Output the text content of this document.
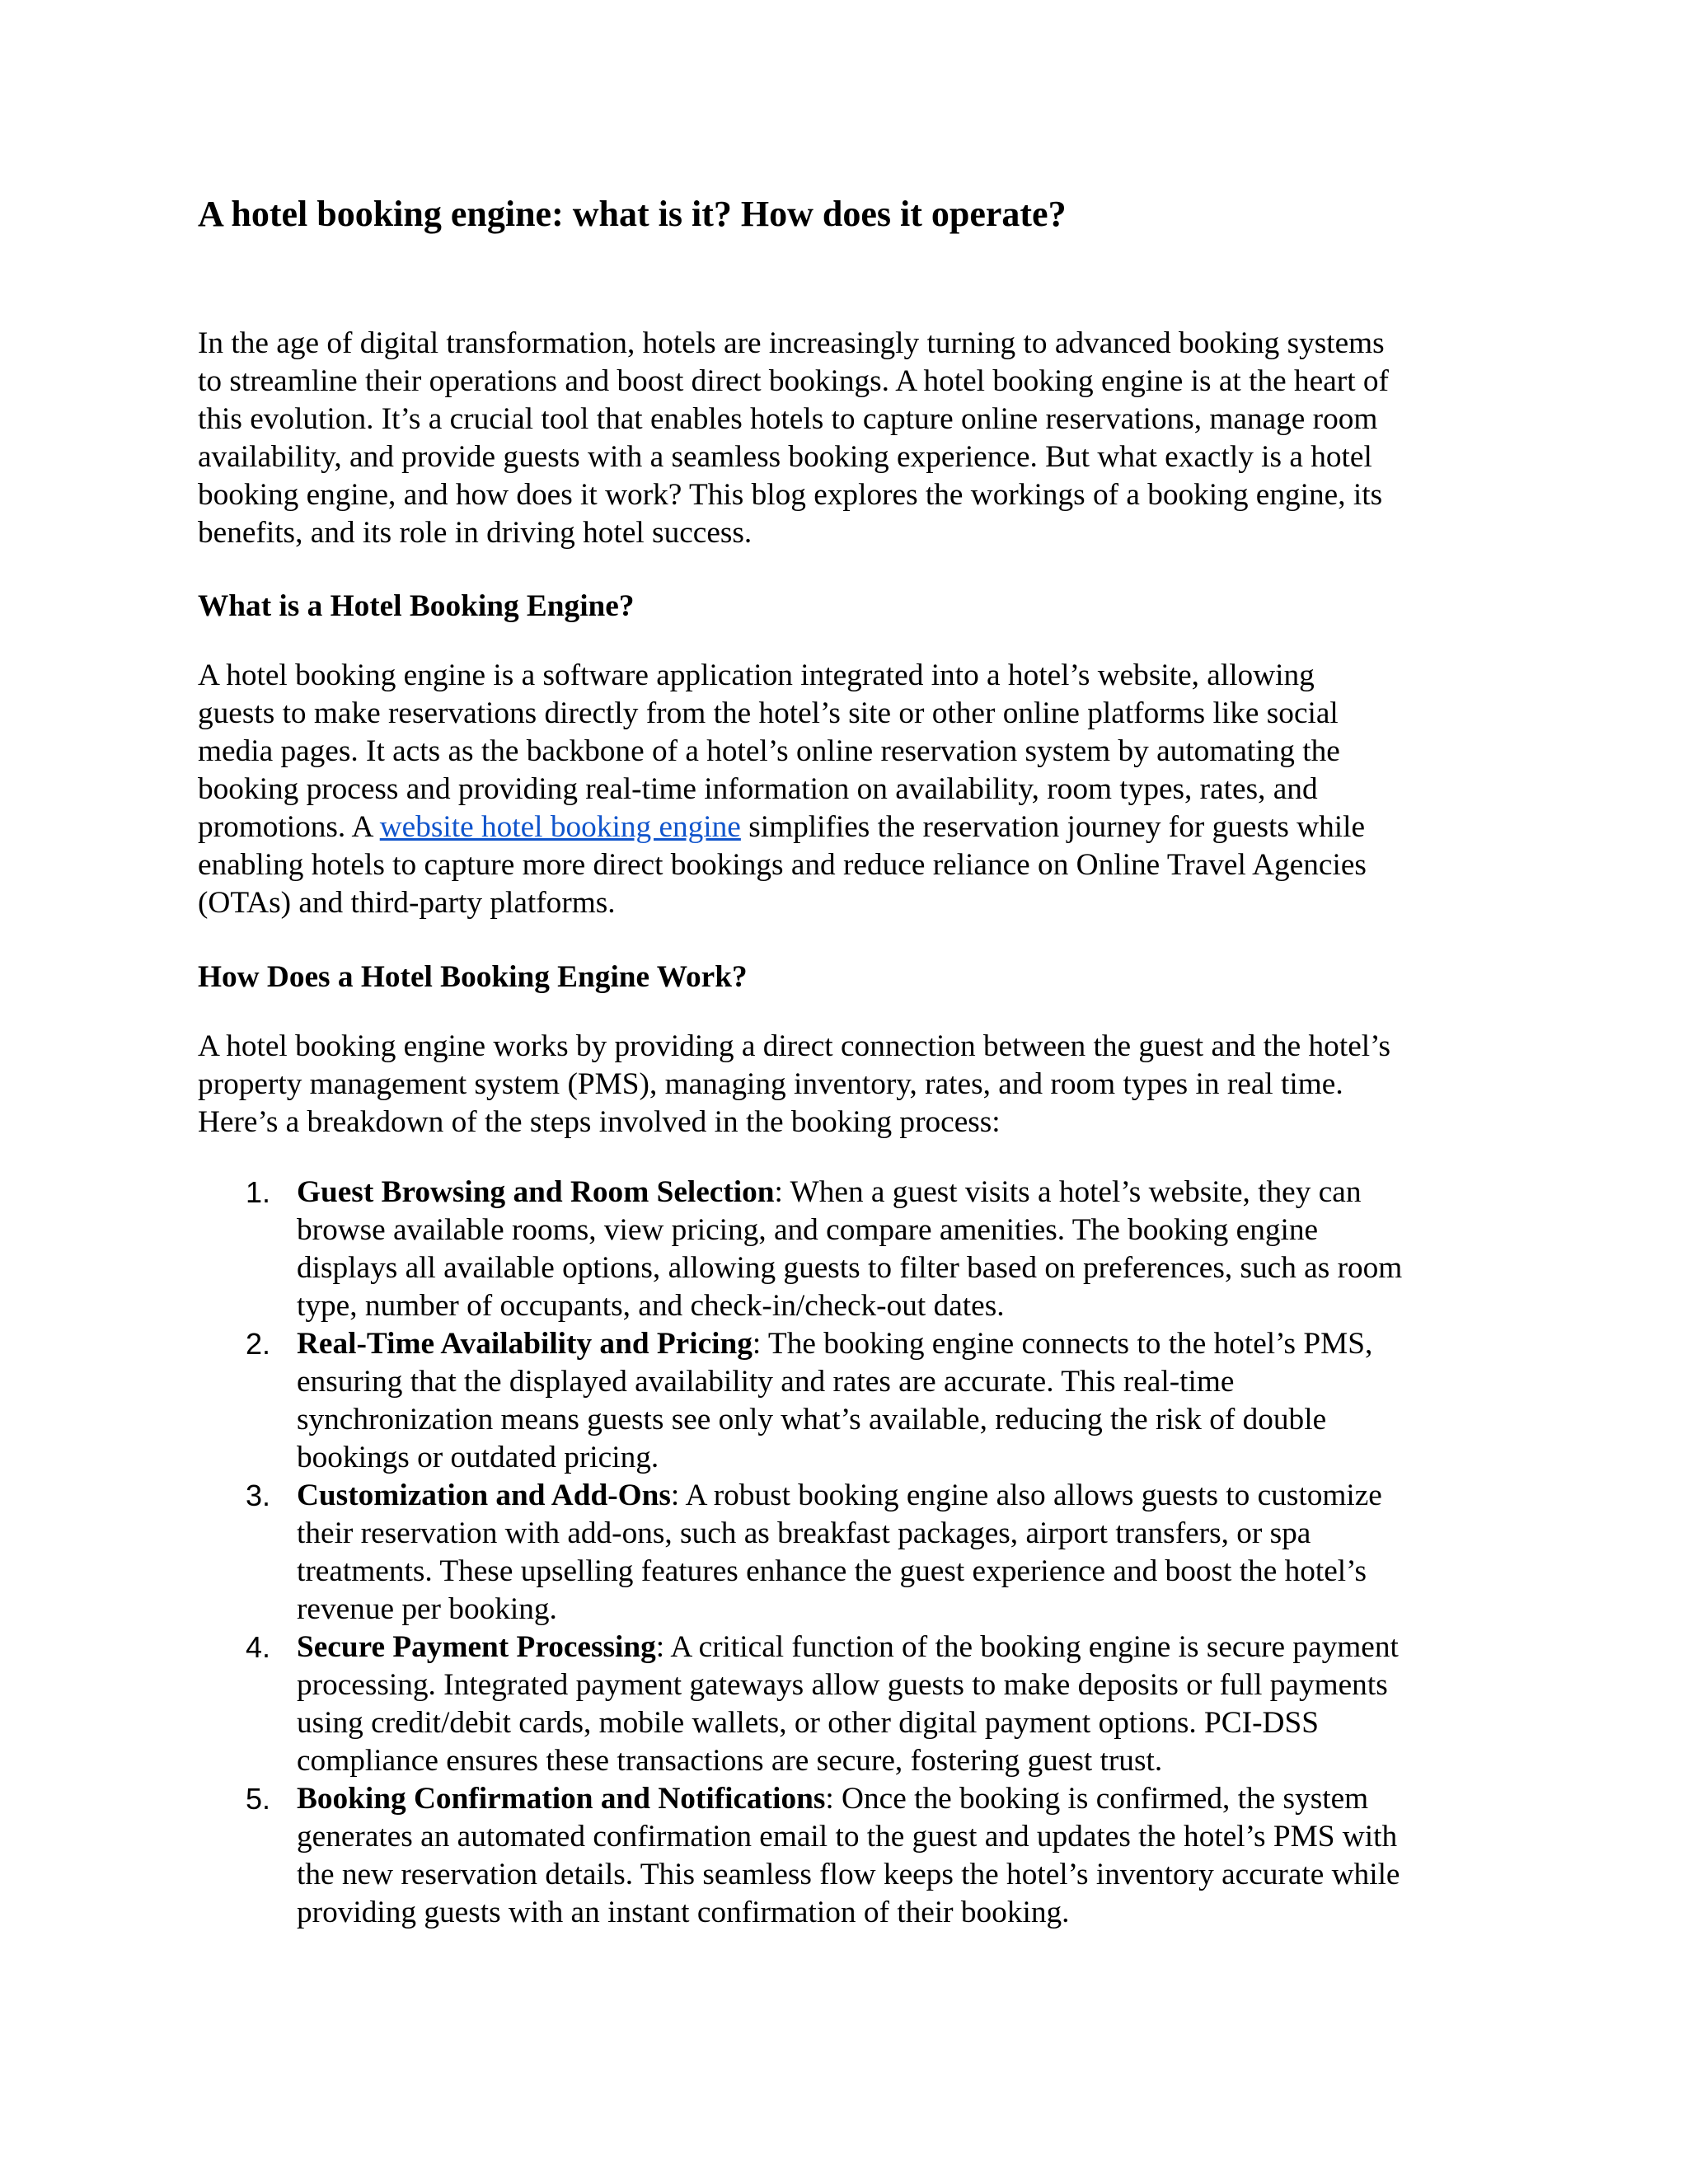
A hotel booking engine: what is it? How does it operate?

In the age of digital transformation, hotels are increasingly turning to advanced booking systems
to streamline their operations and boost direct bookings. A hotel booking engine is at the heart of
this evolution. It’s a crucial tool that enables hotels to capture online reservations, manage room
availability, and provide guests with a seamless booking experience. But what exactly is a hotel
booking engine, and how does it work? This blog explores the workings of a booking engine, its
benefits, and its role in driving hotel success.

What is a Hotel Booking Engine?

A hotel booking engine is a software application integrated into a hotel’s website, allowing
guests to make reservations directly from the hotel’s site or other online platforms like social
media pages. It acts as the backbone of a hotel’s online reservation system by automating the
booking process and providing real-time information on availability, room types, rates, and
promotions. A website hotel booking engine simplifies the reservation journey for guests while
enabling hotels to capture more direct bookings and reduce reliance on Online Travel Agencies
(OTAs) and third-party platforms.

How Does a Hotel Booking Engine Work?

A hotel booking engine works by providing a direct connection between the guest and the hotel’s
property management system (PMS), managing inventory, rates, and room types in real time.
Here’s a breakdown of the steps involved in the booking process:

1. Guest Browsing and Room Selection: When a guest visits a hotel’s website, they can
browse available rooms, view pricing, and compare amenities. The booking engine
displays all available options, allowing guests to filter based on preferences, such as room
type, number of occupants, and check-in/check-out dates.
2. Real-Time Availability and Pricing: The booking engine connects to the hotel’s PMS,
ensuring that the displayed availability and rates are accurate. This real-time
synchronization means guests see only what’s available, reducing the risk of double
bookings or outdated pricing.
3. Customization and Add-Ons: A robust booking engine also allows guests to customize
their reservation with add-ons, such as breakfast packages, airport transfers, or spa
treatments. These upselling features enhance the guest experience and boost the hotel’s
revenue per booking.
4. Secure Payment Processing: A critical function of the booking engine is secure payment
processing. Integrated payment gateways allow guests to make deposits or full payments
using credit/debit cards, mobile wallets, or other digital payment options. PCI-DSS
compliance ensures these transactions are secure, fostering guest trust.
5. Booking Confirmation and Notifications: Once the booking is confirmed, the system
generates an automated confirmation email to the guest and updates the hotel’s PMS with
the new reservation details. This seamless flow keeps the hotel’s inventory accurate while
providing guests with an instant confirmation of their booking.
